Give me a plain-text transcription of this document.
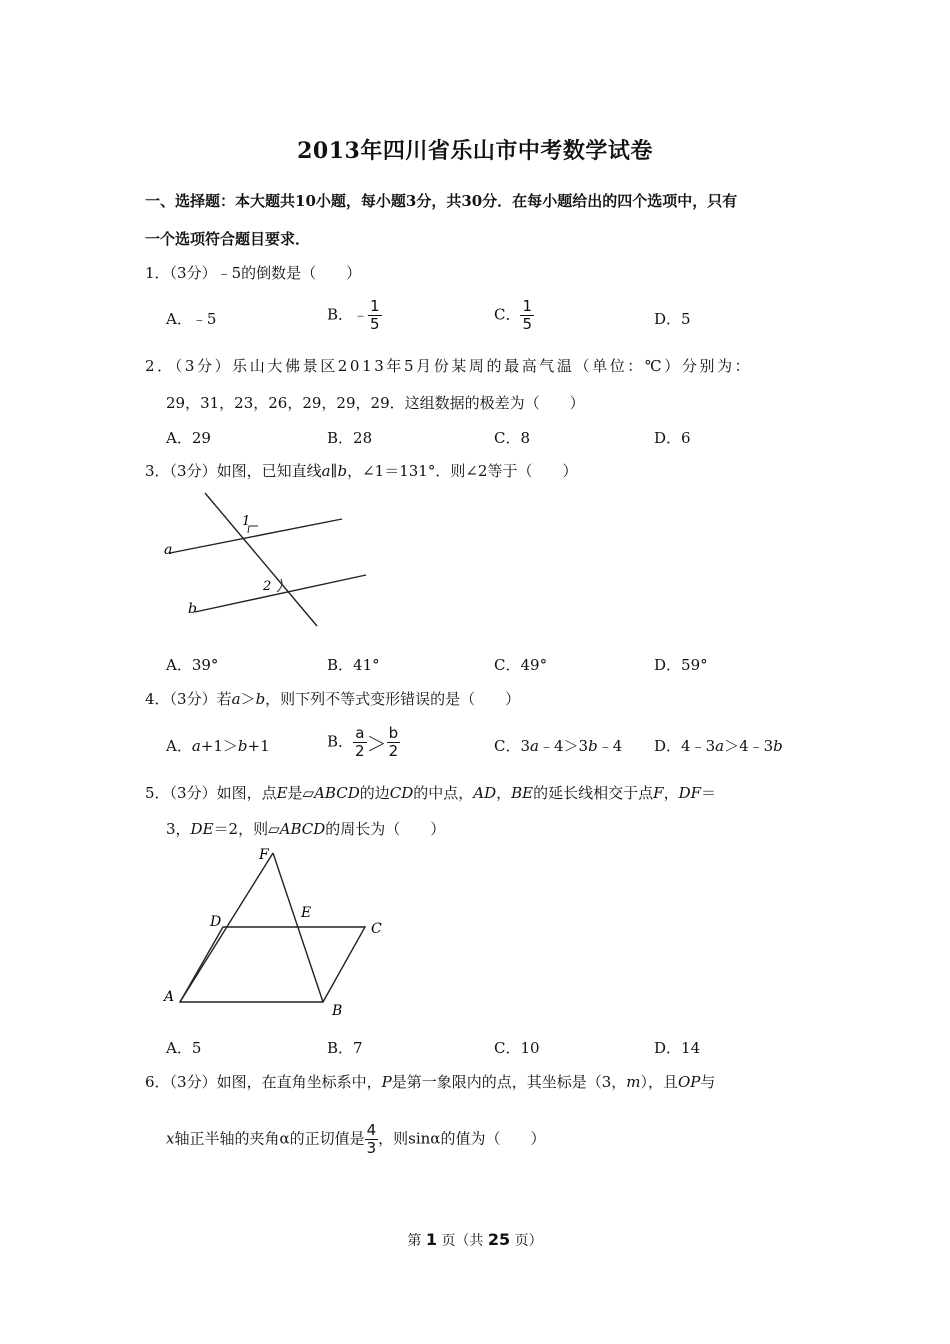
2013年四川省乐山市中考数学试卷
一、选择题：本大题共10小题，每小题3分，共30分．在每小题给出的四个选项中，只有
一个选项符合题目要求．
1．（3分）﹣5的倒数是（　　）
A．﹣5	B．﹣ $\frac{1}{5}$	C． $\frac{1}{5}$	D．5
2．（3分）乐山大佛景区2013年5月份某周的最高气温（单位：℃）分别为：
29，31，23，26，29，29，29．这组数据的极差为（　　）
A．29	B．28	C．8	D．6
3．（3分）如图，已知直线a∥b，∠1＝131°．则∠2等于（　　）
a
b
1
2
A．39°	B．41°	C．49°	D．59°
4．（3分）若a＞b，则下列不等式变形错误的是（　　）
A．a+1＞b+1	B． $\frac{a}{2} > \frac{b}{2}$	C．3a﹣4＞3b﹣4 D．4﹣3a＞4﹣3b
5．（3分）如图，点E是▱ABCD的边CD的中点，AD，BE的延长线相交于点F，DF＝
3，DE＝2，则▱ABCD的周长为（　　）
F
D
E
C
A
B
A．5	B．7	C．10	D．14
6．（3分）如图，在直角坐标系中，P是第一象限内的点，其坐标是（3，m），且OP与
x轴正半轴的夹角α的正切值是 $\frac{4}{3}$ ，则sinα的值为（　　）
第 1 页（共 25 页）
